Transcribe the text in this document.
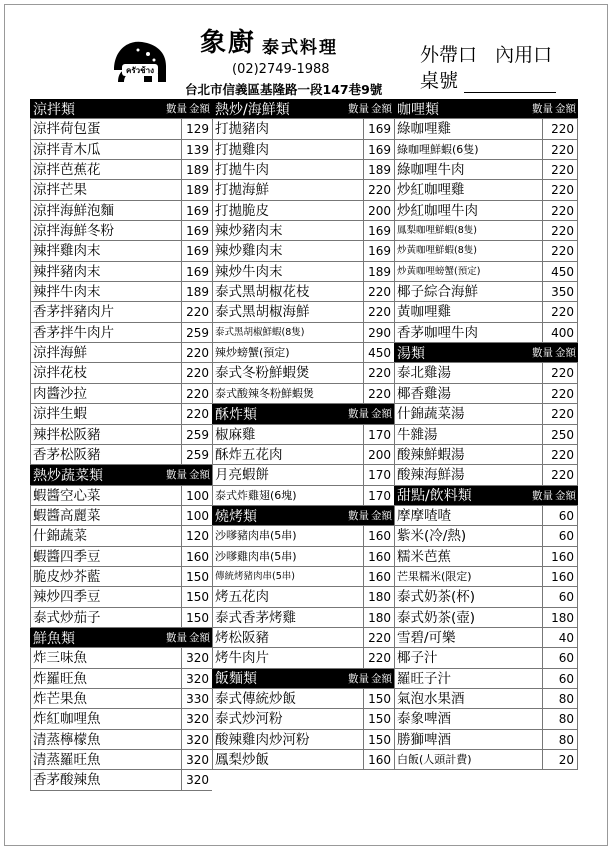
ครัวช้าง
象廚 泰式料理
(02)2749-1988
台北市信義區基隆路一段147巷9號
外帶口 內用口
桌號
涼拌類	數量 金額
涼拌荷包蛋	129
涼拌青木瓜	139
涼拌芭蕉花	189
涼拌芒果	189
涼拌海鮮泡麵	169
涼拌海鮮冬粉	169
辣拌雞肉末	169
辣拌豬肉末	169
辣拌牛肉末	189
香茅拌豬肉片	220
香茅拌牛肉片	259
涼拌海鮮	220
涼拌花枝	220
肉醬沙拉	220
涼拌生蝦	220
辣拌松阪豬	259
香茅松阪豬	259
熱炒蔬菜類	數量 金額
蝦醬空心菜	100
蝦醬高麗菜	100
什錦蔬菜	120
蝦醬四季豆	160
脆皮炒芥藍	150
辣炒四季豆	150
泰式炒茄子	150
鮮魚類	數量 金額
炸三味魚	320
炸羅旺魚	320
炸芒果魚	330
炸紅咖哩魚	320
清蒸檸檬魚	320
清蒸羅旺魚	320
香茅酸辣魚	320
熱炒/海鮮類	數量 金額
打拋豬肉	169
打拋雞肉	169
打拋牛肉	189
打拋海鮮	220
打拋脆皮	200
辣炒豬肉末	169
辣炒雞肉末	169
辣炒牛肉末	189
泰式黑胡椒花枝	220
泰式黑胡椒海鮮	220
泰式黑胡椒鮮蝦(8隻)	290
辣炒螃蟹(預定)	450
泰式冬粉鮮蝦煲	220
泰式酸辣冬粉鮮蝦煲	220
酥炸類	數量 金額
椒麻雞	170
酥炸五花肉	200
月亮蝦餅	170
泰式炸雞翅(6塊)	170
燒烤類	數量 金額
沙嗲豬肉串(5串)	160
沙嗲雞肉串(5串)	160
傳統烤豬肉串(5串)	160
烤五花肉	180
泰式香茅烤雞	180
烤松阪豬	220
烤牛肉片	220
飯麵類	數量 金額
泰式傳統炒飯	150
泰式炒河粉	150
酸辣雞肉炒河粉	150
鳳梨炒飯	160
咖哩類	數量 金額
綠咖哩雞	220
綠咖哩鮮蝦(6隻)	220
綠咖哩牛肉	220
炒紅咖哩雞	220
炒紅咖哩牛肉	220
鳳梨咖哩鮮蝦(8隻)	220
炒黃咖哩鮮蝦(8隻)	220
炒黃咖哩螃蟹(預定)	450
椰子綜合海鮮	350
黃咖哩雞	220
香茅咖哩牛肉	400
湯類	數量 金額
泰北雞湯	220
椰香雞湯	220
什錦蔬菜湯	220
牛雜湯	250
酸辣鮮蝦湯	220
酸辣海鮮湯	220
甜點/飲料類	數量 金額
摩摩喳喳	60
紫米(冷/熱)	60
糯米芭蕉	160
芒果糯米(限定)	160
泰式奶茶(杯)	60
泰式奶茶(壺)	180
雪碧/可樂	40
椰子汁	60
羅旺子汁	60
氣泡水果酒	80
泰象啤酒	80
勝獅啤酒	80
白飯(人頭計費)	20
